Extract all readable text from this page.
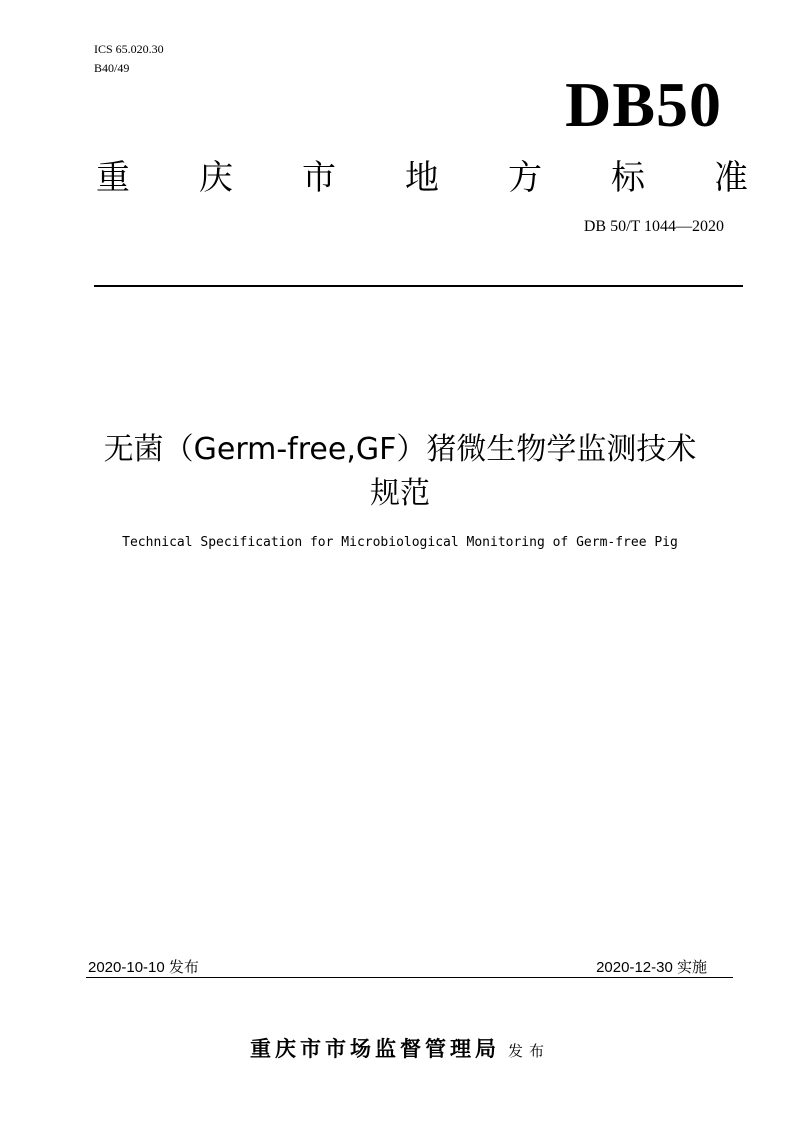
ICS 65.020.30
B40/49
DB50
重 庆 市 地 方 标 准
DB 50/T 1044—2020
无菌（Germ-free,GF）猪微生物学监测技术
规范
Technical Specification for Microbiological Monitoring of Germ-free Pig
2020-10-10 发布	2020-12-30 实施
重庆市市场监督管理局 发布
